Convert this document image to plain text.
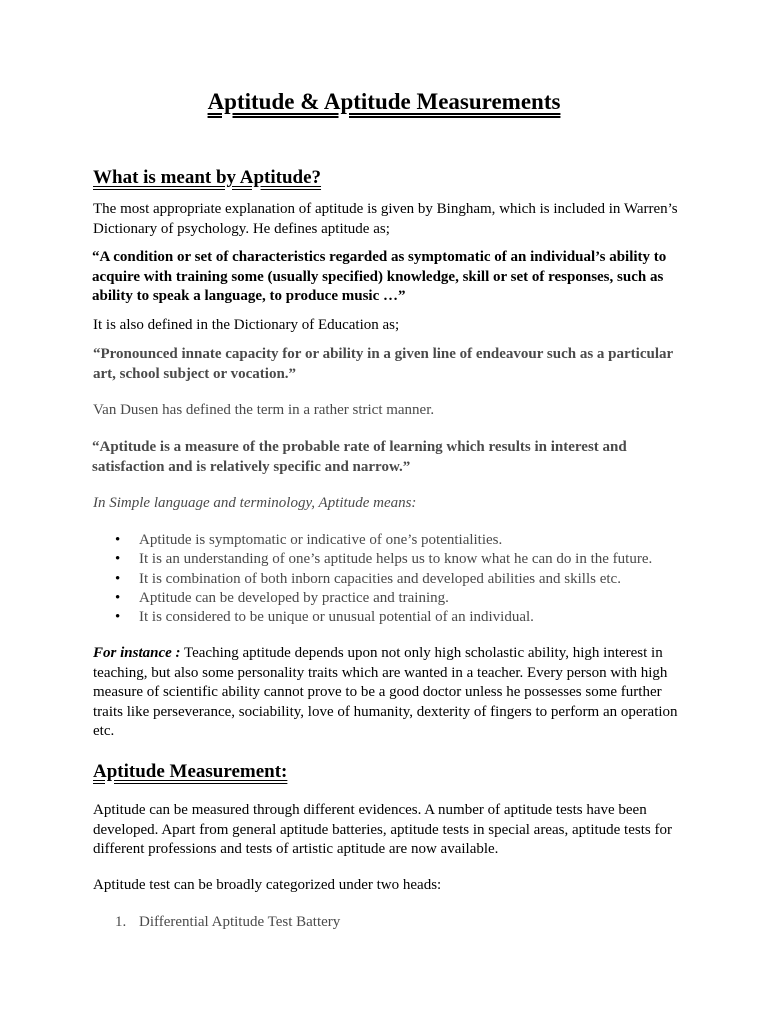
Aptitude & Aptitude Measurements
What is meant by Aptitude?

The most appropriate explanation of aptitude is given by Bingham, which is included in Warren’s Dictionary of psychology. He defines aptitude as;

“A condition or set of characteristics regarded as symptomatic of an individual’s ability to acquire with training some (usually specified) knowledge, skill or set of responses, such as ability to speak a language, to produce music …”

It is also defined in the Dictionary of Education as;

“Pronounced innate capacity for or ability in a given line of endeavour such as a particular art, school subject or vocation.”

Van Dusen has defined the term in a rather strict manner.

“Aptitude is a measure of the probable rate of learning which results in interest and satisfaction and is relatively specific and narrow.”

In Simple language and terminology, Aptitude means:

• Aptitude is symptomatic or indicative of one’s potentialities.
• It is an understanding of one’s aptitude helps us to know what he can do in the future.
• It is combination of both inborn capacities and developed abilities and skills etc.
• Aptitude can be developed by practice and training.
• It is considered to be unique or unusual potential of an individual.

For instance : Teaching aptitude depends upon not only high scholastic ability, high interest in teaching, but also some personality traits which are wanted in a teacher. Every person with high measure of scientific ability cannot prove to be a good doctor unless he possesses some further traits like perseverance, sociability, love of humanity, dexterity of fingers to perform an operation etc.

Aptitude Measurement:

Aptitude can be measured through different evidences. A number of aptitude tests have been developed. Apart from general aptitude batteries, aptitude tests in special areas, aptitude tests for different professions and tests of artistic aptitude are now available.

Aptitude test can be broadly categorized under two heads:

1. Differential Aptitude Test Battery
